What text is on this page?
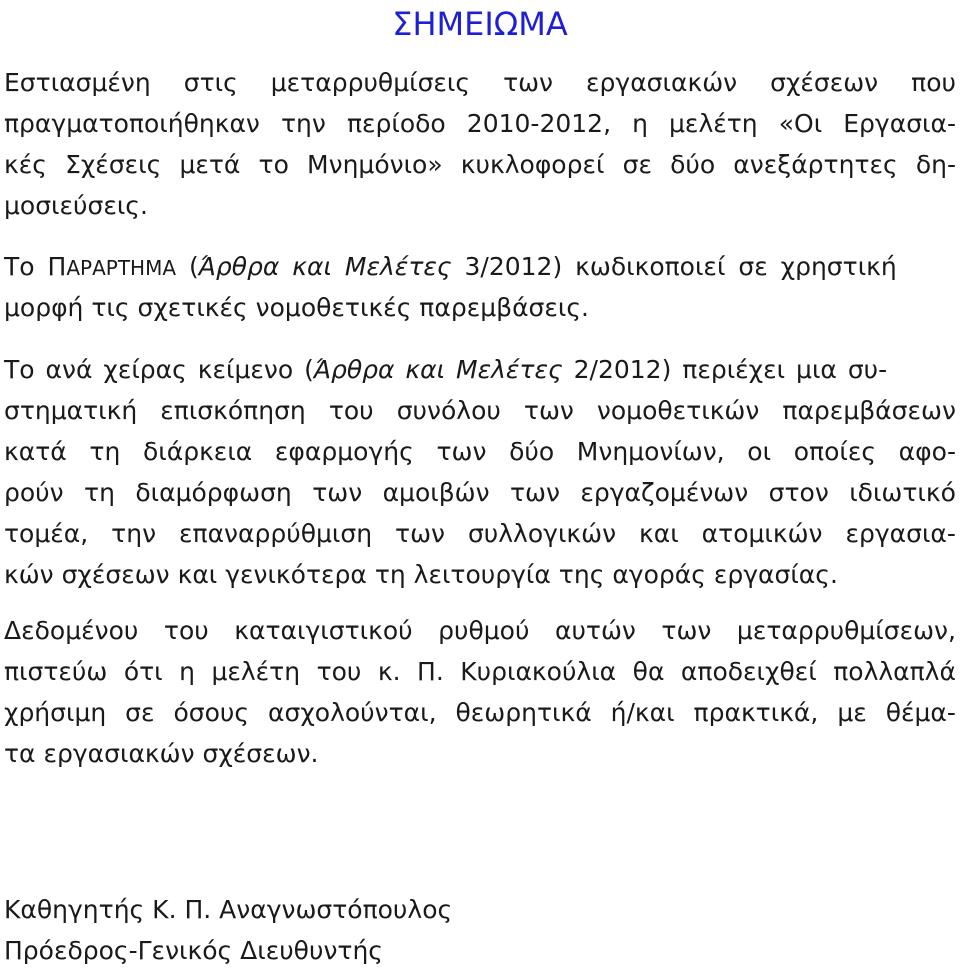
ΣΗΜΕΙΩΜΑ
Εστιασμένη στις μεταρρυθμίσεις των εργασιακών σχέσεων που
πραγματοποιήθηκαν την περίοδο 2010-2012, η μελέτη «Οι Εργασια-
κές Σχέσεις μετά το Μνημόνιο» κυκλοφορεί σε δύο ανεξάρτητες δη-
μοσιεύσεις.
Το ΠΑΡΑΡΤΗΜΑ (Άρθρα και Μελέτες 3/2012) κωδικοποιεί σε χρηστική
μορφή τις σχετικές νομοθετικές παρεμβάσεις.
Το ανά χείρας κείμενο (Άρθρα και Μελέτες 2/2012) περιέχει μια συ-
στηματική επισκόπηση του συνόλου των νομοθετικών παρεμβάσεων
κατά τη διάρκεια εφαρμογής των δύο Μνημονίων, οι οποίες αφο-
ρούν τη διαμόρφωση των αμοιβών των εργαζομένων στον ιδιωτικό
τομέα, την επαναρρύθμιση των συλλογικών και ατομικών εργασια-
κών σχέσεων και γενικότερα τη λειτουργία της αγοράς εργασίας.
Δεδομένου του καταιγιστικού ρυθμού αυτών των μεταρρυθμίσεων,
πιστεύω ότι η μελέτη του κ. Π. Κυριακούλια θα αποδειχθεί πολλαπλά
χρήσιμη σε όσους ασχολούνται, θεωρητικά ή/και πρακτικά, με θέμα-
τα εργασιακών σχέσεων.
Καθηγητής Κ. Π. Αναγνωστόπουλος
Πρόεδρος-Γενικός Διευθυντής
